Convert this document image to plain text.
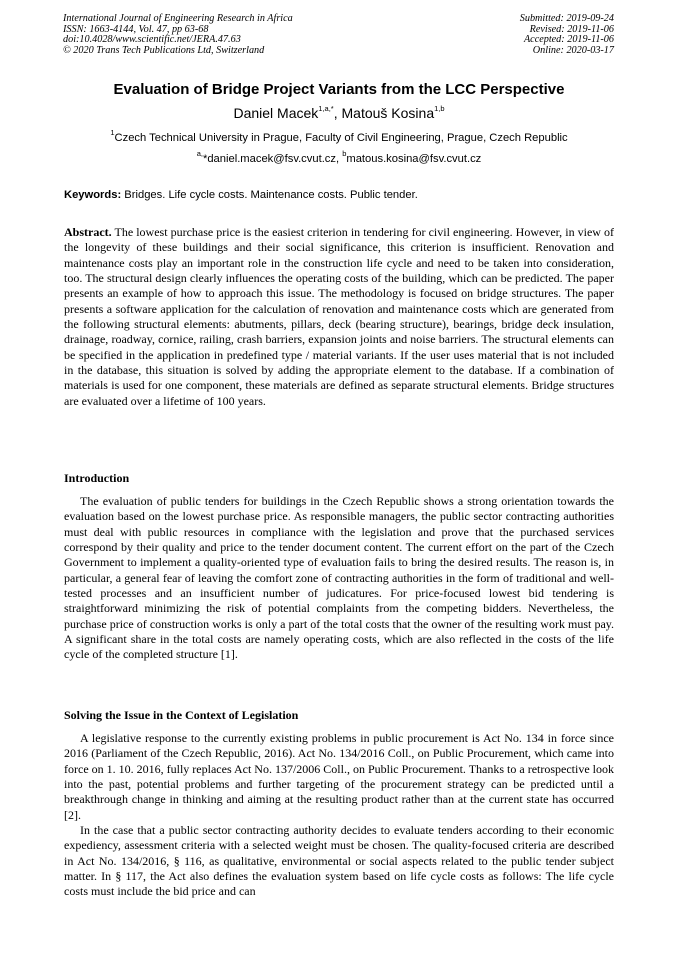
International Journal of Engineering Research in Africa
ISSN: 1663-4144, Vol. 47, pp 63-68
doi:10.4028/www.scientific.net/JERA.47.63
© 2020 Trans Tech Publications Ltd, Switzerland
Submitted: 2019-09-24
Revised: 2019-11-06
Accepted: 2019-11-06
Online: 2020-03-17
Evaluation of Bridge Project Variants from the LCC Perspective
Daniel Macek$^{1,a,*}$, Matouš Kosina$^{1,b}$
$^1$Czech Technical University in Prague, Faculty of Civil Engineering, Prague, Czech Republic
$^{a,}$*daniel.macek@fsv.cvut.cz, $^b$matous.kosina@fsv.cvut.cz
Keywords: Bridges. Life cycle costs. Maintenance costs. Public tender.

Abstract. The lowest purchase price is the easiest criterion in tendering for civil engineering. However, in view of the longevity of these buildings and their social significance, this criterion is insufficient. Renovation and maintenance costs play an important role in the construction life cycle and need to be taken into consideration, too. The structural design clearly influences the operating costs of the building, which can be predicted. The paper presents an example of how to approach this issue. The methodology is focused on bridge structures. The paper presents a software application for the calculation of renovation and maintenance costs which are generated from the following structural elements: abutments, pillars, deck (bearing structure), bearings, bridge deck insulation, drainage, roadway, cornice, railing, crash barriers, expansion joints and noise barriers. The structural elements can be specified in the application in predefined type / material variants. If the user uses material that is not included in the database, this situation is solved by adding the appropriate element to the database. If a combination of materials is used for one component, these materials are defined as separate structural elements. Bridge structures are evaluated over a lifetime of 100 years.

Introduction

The evaluation of public tenders for buildings in the Czech Republic shows a strong orientation towards the evaluation based on the lowest purchase price. As responsible managers, the public sector contracting authorities must deal with public resources in compliance with the legislation and prove that the purchased services correspond by their quality and price to the tender document content. The current effort on the part of the Czech Government to implement a quality-oriented type of evaluation fails to bring the desired results. The reason is, in particular, a general fear of leaving the comfort zone of contracting authorities in the form of traditional and well-tested processes and an insufficient number of judicatures. For price-focused lowest bid tendering is straightforward minimizing the risk of potential complaints from the competing bidders. Nevertheless, the purchase price of construction works is only a part of the total costs that the owner of the resulting work must pay. A significant share in the total costs are namely operating costs, which are also reflected in the costs of the life cycle of the completed structure [1].

Solving the Issue in the Context of Legislation

A legislative response to the currently existing problems in public procurement is Act No. 134 in force since 2016 (Parliament of the Czech Republic, 2016). Act No. 134/2016 Coll., on Public Procurement, which came into force on 1. 10. 2016, fully replaces Act No. 137/2006 Coll., on Public Procurement. Thanks to a retrospective look into the past, potential problems and further targeting of the procurement strategy can be predicted until a breakthrough change in thinking and aiming at the resulting product rather than at the current state has occurred [2].

In the case that a public sector contracting authority decides to evaluate tenders according to their economic expediency, assessment criteria with a selected weight must be chosen. The quality-focused criteria are described in Act No. 134/2016, § 116, as qualitative, environmental or social aspects related to the public tender subject matter. In § 117, the Act also defines the evaluation system based on life cycle costs as follows: The life cycle costs must include the bid price and can
